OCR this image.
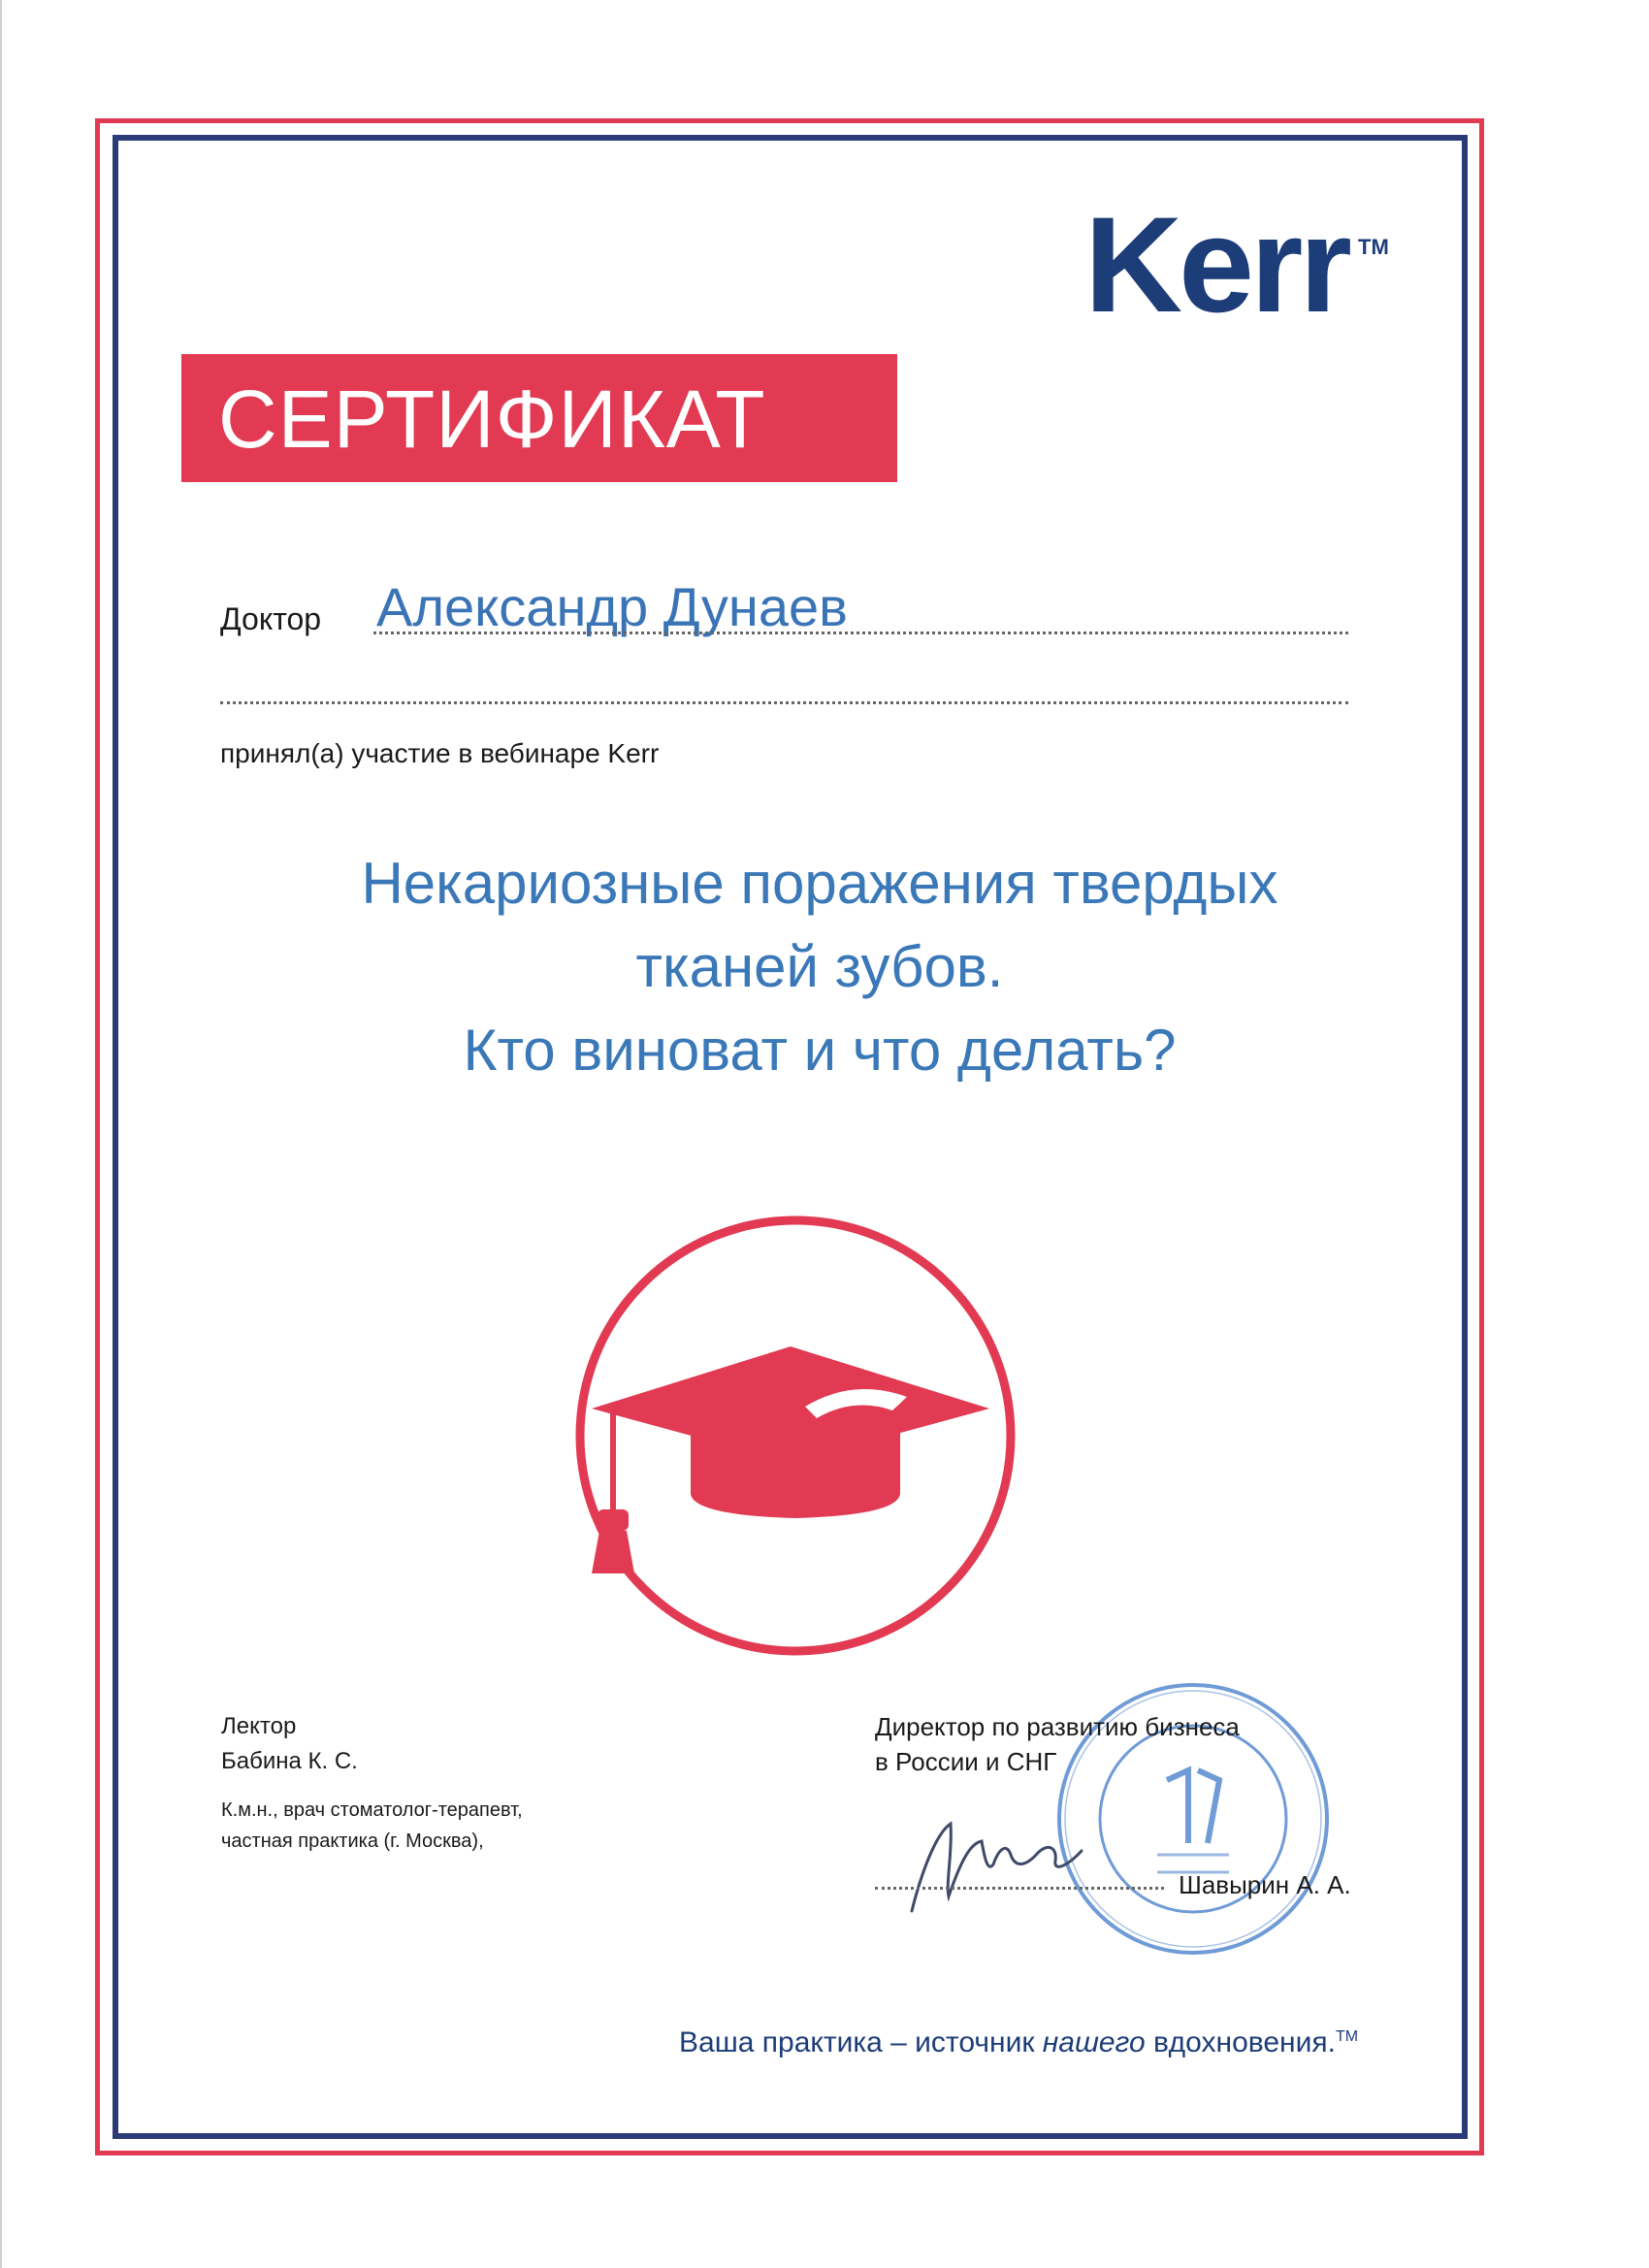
Kerr TM
СЕРТИФИКАТ
Доктор Александр Дунаев
принял(а) участие в вебинаре Kerr
Некариозные поражения твердых
тканей зубов.
Кто виноват и что делать?
Лектор
Бабина К. С.
К.м.н., врач стоматолог-терапевт,
частная практика (г. Москва),
Директор по развитию бизнеса
в России и СНГ
Шавырин А. А.
Ваша практика – источник нашего вдохновения.™
